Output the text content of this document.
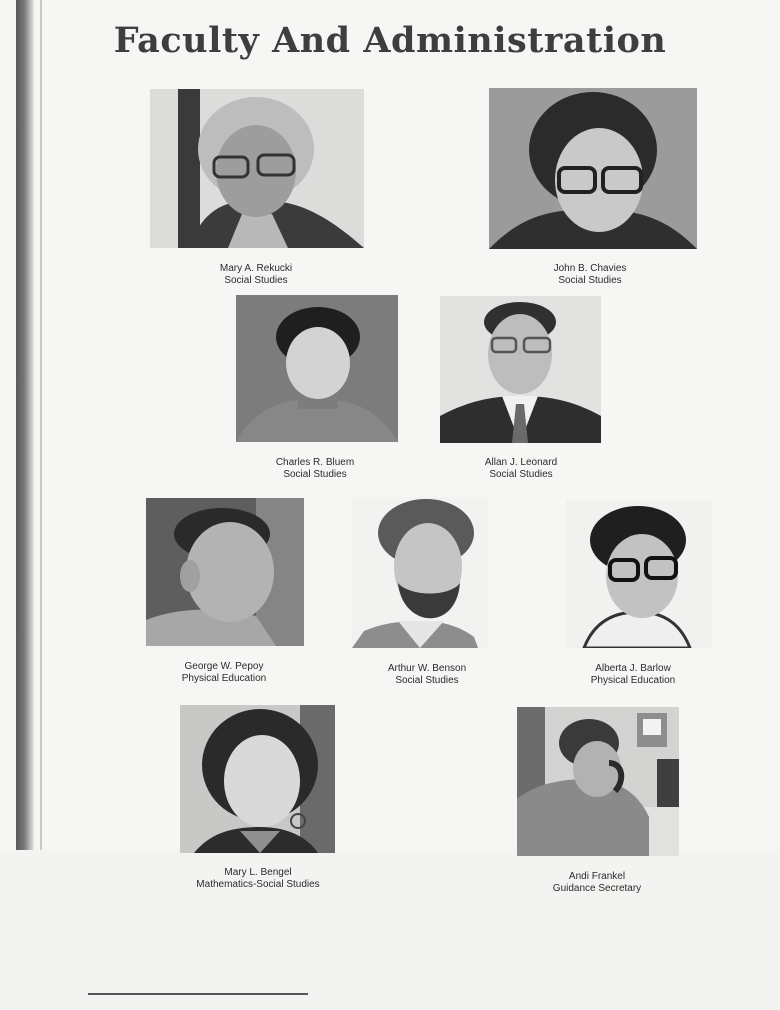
Faculty And Administration
Mary A. Rekucki
Social Studies
John B. Chavies
Social Studies
Charles R. Bluem
Social Studies
Allan J. Leonard
Social Studies
George W. Pepoy
Physical Education
Arthur W. Benson
Social Studies
Alberta J. Barlow
Physical Education
Mary L. Bengel
Mathematics-Social Studies
Andi Frankel
Guidance Secretary
